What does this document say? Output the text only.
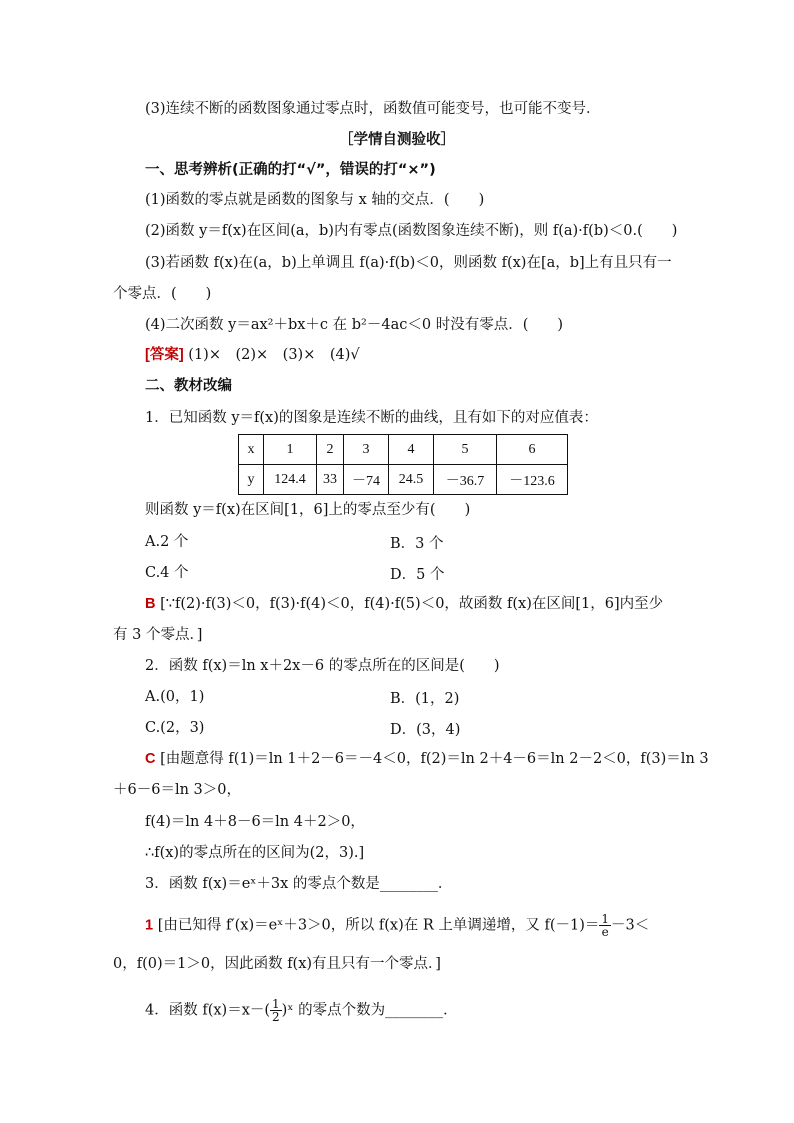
(3)连续不断的函数图象通过零点时，函数值可能变号，也可能不变号．
［学情自测验收］
一、思考辨析(正确的打“√”，错误的打“×”)
(1)函数的零点就是函数的图象与 x 轴的交点．(　　)
(2)函数 y＝f(x)在区间(a，b)内有零点(函数图象连续不断)，则 f(a)·f(b)＜0.(　　)
(3)若函数 f(x)在(a，b)上单调且 f(a)·f(b)＜0，则函数 f(x)在[a，b]上有且只有一
个零点．(　　)
(4)二次函数 y＝ax²＋bx＋c 在 b²－4ac＜0 时没有零点．(　　)
[答案] (1)×　(2)×　(3)×　(4)√
二、教材改编
1．已知函数 y＝f(x)的图象是连续不断的曲线，且有如下的对应值表：
x	1	2	3	4	5	6
y	124.4	33	－74	24.5	－36.7	－123.6
则函数 y＝f(x)在区间[1，6]上的零点至少有(　　)
A.2 个	B．3 个
C.4 个	D．5 个
B [∵f(2)·f(3)＜0，f(3)·f(4)＜0，f(4)·f(5)＜0，故函数 f(x)在区间[1，6]内至少
有 3 个零点．]
2．函数 f(x)＝ln x＋2x－6 的零点所在的区间是(　　)
A.(0，1)	B．(1，2)
C.(2，3)	D．(3，4)
C [由题意得 f(1)＝ln 1＋2－6＝－4＜0，f(2)＝ln 2＋4－6＝ln 2－2＜0，f(3)＝ln 3
＋6－6＝ln 3＞0，
f(4)＝ln 4＋8－6＝ln 4＋2＞0，
∴f(x)的零点所在的区间为(2，3).]
3．函数 f(x)＝eˣ＋3x 的零点个数是________．
1 [由已知得 f′(x)＝eˣ＋3＞0，所以 f(x)在 R 上单调递增，又 $f(-1)= \frac{1}{e} -3<$
0，f(0)＝1＞0，因此函数 f(x)有且只有一个零点．]
4．函数 $f(x)=x-( \frac{1}{2}$ )ˣ 的零点个数为________．
